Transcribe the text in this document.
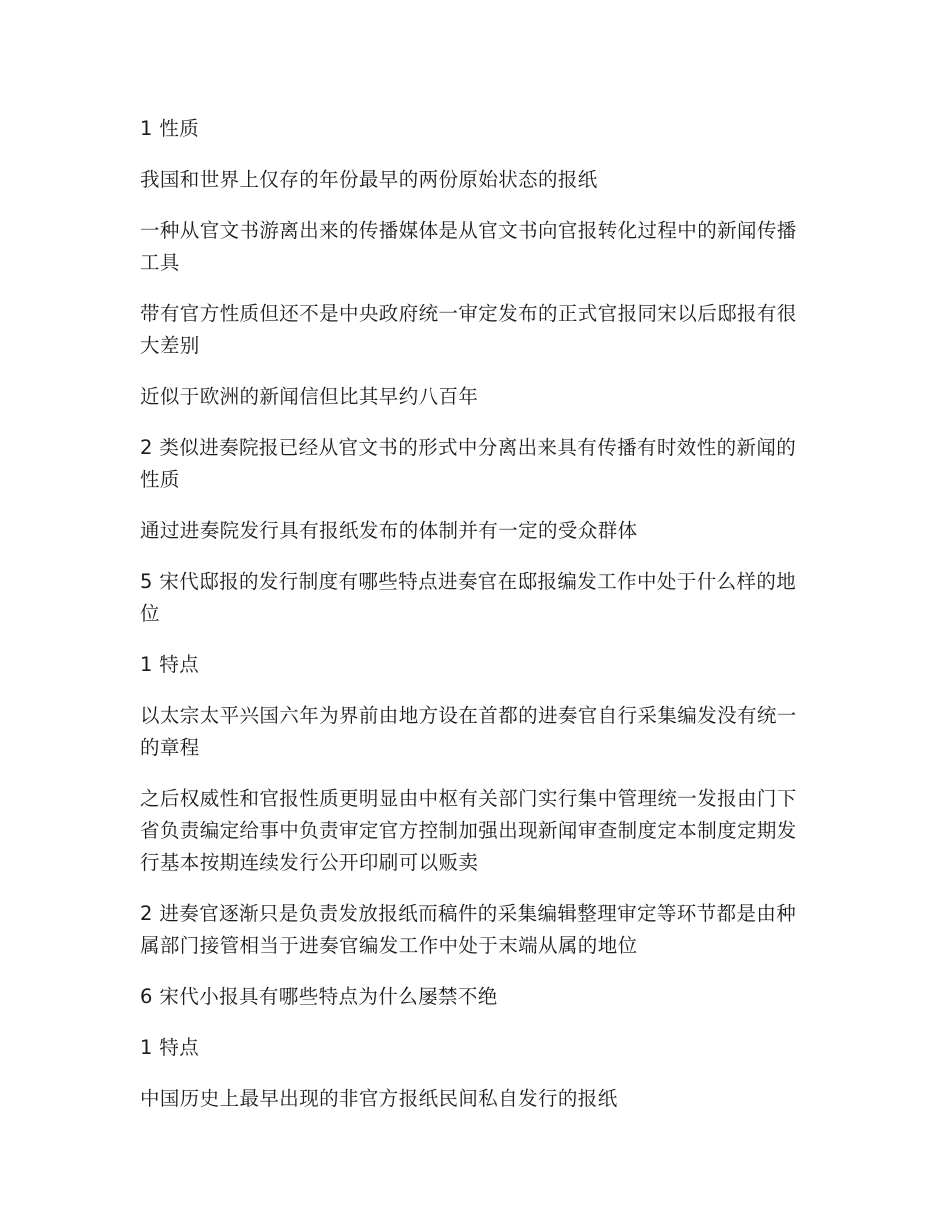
1 性质

我国和世界上仅存的年份最早的两份原始状态的报纸

一种从官文书游离出来的传播媒体是从官文书向官报转化过程中的新闻传播工具

带有官方性质但还不是中央政府统一审定发布的正式官报同宋以后邸报有很大差别

近似于欧洲的新闻信但比其早约八百年

2 类似进奏院报已经从官文书的形式中分离出来具有传播有时效性的新闻的性质

通过进奏院发行具有报纸发布的体制并有一定的受众群体

5 宋代邸报的发行制度有哪些特点进奏官在邸报编发工作中处于什么样的地位

1 特点

以太宗太平兴国六年为界前由地方设在首都的进奏官自行采集编发没有统一的章程

之后权威性和官报性质更明显由中枢有关部门实行集中管理统一发报由门下省负责编定给事中负责审定官方控制加强出现新闻审查制度定本制度定期发行基本按期连续发行公开印刷可以贩卖

2 进奏官逐渐只是负责发放报纸而稿件的采集编辑整理审定等环节都是由种属部门接管相当于进奏官编发工作中处于末端从属的地位

6 宋代小报具有哪些特点为什么屡禁不绝

1 特点

中国历史上最早出现的非官方报纸民间私自发行的报纸
